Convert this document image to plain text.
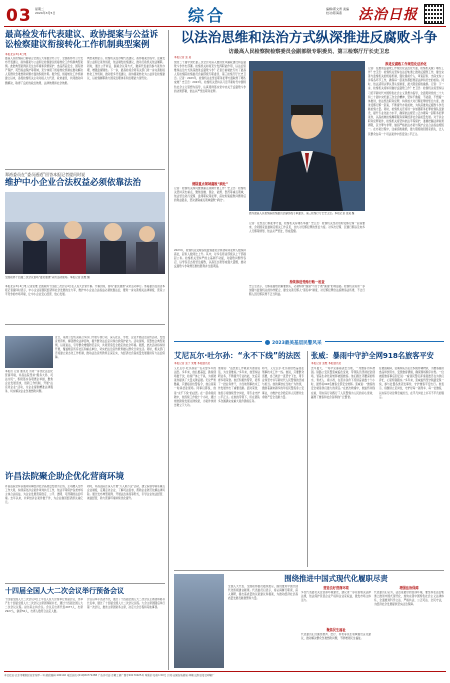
03 星期二
2024年3月5日	综合	编辑/郭文青 美编
校对/陈海燕	法治日报
最高检发布代表建议、政协提案与公益诉讼检察建议衔接转化工作机制典型案例
本报北京3月4日电
最高人民检察院日前联合全国人大常委会办公厅、全国政协办公厅发布代表建议、政协提案与公益诉讼检察建议衔接转化工作机制典型案例。此批典型案例涉及生态环境和资源保护、食品药品安全、国有财产保护、英烈权益保护等领域，充分体现了衔接转化机制在推动解决人民群众急难愁盼问题方面的积极作用。据介绍，衔接转化工作机制建立以来，各级检察机关主动对接人大代表、政协委员，共同推动问题解决，取得了良好的政治效果、法律效果和社会效果。
典型案例显示，检察机关在办理代表建议、政协提案过程中，注重发现公益诉讼案件线索，依法制发检察建议，推动行政机关依法履职。同时，通过公开听证、圆桌会议等方式，邀请代表委员参与案件办理，增强监督刚性。下一步，最高检将会同有关部门进一步完善衔接转化工作机制，推动更多代表建议、政协提案转化为公益诉讼检察建议，以检察履职助力国家治理体系和治理能力现代化。
郑裕委员在“委员通道”回答本报记者提问时说
维护中小企业合法权益必须依靠法治
全国政协十四届二次会议首场“委员通道”采访活动现场。本报记者 张维 摄
本报北京3月4日电 记者张维 全国政协十四届二次会议4日在人民大会堂开幕。开幕会前，首场“委员通道”采访活动举行。郑裕委员在回答本报记者提问时表示，中小企业是国民经济和社会发展的生力军，维护中小企业合法权益必须依靠法治，要进一步完善相关法律制度，营造公平竞争的市场环境，让中小企业安心经营、放心发展。
近日，某地公安机关联合多部门开展专项行动，深入社区、学校、企业开展法治宣传活动，发放宣传资料，解答群众法律咨询，提升群众法治意识和自我保护能力。活动现场，民警结合典型案例，以案说法，引导群众增强防范意识，共同营造安全稳定的社会环境。据悉，此次活动将持续开展，覆盖辖区所有社区和重点单位，切实把法治宣传教育融入群众日常生活。同时，相关部门还将建立常态化工作机制，推动法治宣传教育走深走实，为经济社会高质量发展提供有力法治保障。
本报讯 记者 通讯员 为进一步优化法治化营商环境，许昌法院坚持“服务大局、司法为民”，积极落实各项惠企举措，聚焦企业发展需求，创新工作机制，开展“法官进企业”活动，为企业提供精准法律服务，切实解决企业急难愁盼问题。
许昌法院聚企助企优化营商环境
许昌法院坚持以服务保障经济社会高质量发展为主线，主动融入全市工作大局，持续深化涉企案件审判执行工作，依法平等保护各类市场主体合法权益，为企业发展营造稳定、公平、透明、可预期的法治环境。去年以来，共审结涉企案件数千件，为企业挽回经济损失逾亿元。
同时，许昌法院还深入开展“万人助万企”活动，建立院领导联系重点企业制度，定期走访企业，了解司法需求，帮助企业防范化解法律风险。通过发布典型案例、开展法治讲座等形式，引导企业依法经营、诚信经营，助力营商环境持续优化提升。
十四届全国人大二次会议举行预备会议
十四届全国人大二次会议4日上午在人民大会堂举行预备会议，选举产生十四届全国人大二次会议主席团和秘书长，通过十四届全国人大二次会议议程。赵乐际主持会议。会议应出席代表2977人，出席2927人，缺席50人，出席人数符合法定人数。
会议以举手表决方式，通过了十四届全国人大二次会议主席团和秘书长名单，通过了十四届全国人大二次会议议程。大会主席团随后举行第一次会议，推选主席团常务主席，决定大会日程和其他事项。
以法治思维和法治方式纵深推进反腐败斗争
访最高人民检察院检察委员会副部级专职委员、第三检察厅厅长史卫忠
本报记者 张 昊
党的二十届中央纪委三次全会对深入推进党风廉政建设和反腐败斗争作出部署。检察机关如何充分发挥职能作用，以法治思维和法治方式纵深推进反腐败斗争？记者日前就此专访了最高人民检察院检察委员会副部级专职委员、第三检察厅厅长史卫忠。记者：2023年，检察机关在惩治职务犯罪方面取得了哪些成效？史卫忠：2023年，检察机关坚持以习近平新时代中国特色社会主义思想为指导，认真贯彻落实党中央关于反腐败斗争的决策部署，依法从严惩治职务犯罪。
清除重点领域腐败“病灶”
记者：检察机关如何聚焦重点领域开展工作？史卫忠：检察机关坚持突出重点，聚焦金融、国企、能源、医药等重点领域，依法惩治贪污受贿、滥用职权等犯罪，深挖彻查腐败问题背后的利益链条，坚决清除重点领域腐败“病灶”。
图为最高人民检察院检察委员会副部级专职委员、第三检察厅厅长史卫忠。本报记者 张昊 摄
推进反腐败工作规范化法治化
记者：在推进反腐败工作规范化法治化方面，检察机关做了哪些工作？史卫忠：检察机关坚持在法治轨道上推进反腐败工作，健全完善与监察机关的衔接机制，强化提前介入、审查起诉、出庭支持公诉等各环节工作，确保每一起案件都经得起法律和历史的检验。同时，依法适用认罪认罚从宽制度，最大限度追赃挽损。记者：下一步，检察机关将如何做好反腐败工作？史卫忠：检察机关将坚持以习近平新时代中国特色社会主义思想为指导，全面贯彻党的二十大和二十届中央纪委三次全会精神，坚持不敢腐、不能腐、不想腐一体推进，依法惩治职务犯罪，持续加大对行贿犯罪的惩治力度，推进受贿行贿一起查，不断提升办案质效，为纵深推进反腐败斗争贡献检察力量。同时，检察机关还将进一步加强职务犯罪检察队伍建设，提升专业化能力水平，确保依法规范公正办理每一起职务犯罪案件，以高质效检察履职服务保障经济社会高质量发展。对于涉企职务犯罪案件，检察机关将坚持依法平等保护，准确把握法律政策界限，区分罪与非罪，做到严格依法办案与保护企业合法权益相统一。在办案过程中，注重追赃挽损，最大限度挽回国家损失，让人民群众在每一个司法案件中感受到公平正义。
2023年，检察机关受理各级监察委员会移送职务犯罪人数保持高位，起诉人数同比上升。其中，对多名原省部级以上干部提起公诉。检察机关坚持严的主基调不动摇，对腐败问题零容忍，以零容忍态度惩治腐败，以高压态势形成强大震慑，推动反腐败斗争取得压倒性胜利并全面巩固。
记者：在惩治行贿犯罪方面，检察机关有哪些举措？史卫忠：检察机关坚决贯彻受贿行贿一起查要求，会同国家监委制定相关工作意见，加大对行贿犯罪的惩治力度。对多次行贿、巨额行贿以及向多人行贿等情形，依法从严惩处，形成震慑。
持续推进受贿行贿一起查
史卫忠表示，行贿是腐败的重要源头，必须斩断“围猎”与甘于被“围猎”的利益链。检察机关将进一步加强与监察机关的协作配合，健全完善行贿人“黑名单”制度，对行贿犯罪依法追缴违法所得，不让行贿人因行贿获得不正当利益。
2023最美基层民警风采
艾尼瓦尔·吐尔孙：“永不下线”的法医
本报记者 张子 朱雅 本报通讯员
艾尼瓦尔·吐尔孙是一名从警多年的法医。多年来，他扎根基层，勘验现场数千次，检验尸体上千具，为侦破案件提供了大量关键证据。无论严寒酷暑，只要接到出警指令，他总是第一时间赶赴现场。同事们都说，他是“永不下线”的法医。在一起命案侦破中，他连续工作数十个小时，通过细致勘验发现关键线索，为案件快速告破立下大功。
他常说：“法医的工作就是为逝者说话，为生者维权。”多年来，他坚持钻研业务，不断提升专业技能，先后获得多项荣誉。他还积极传帮带，培养了一批业务骨干，为当地刑事技术工作发展作出了重要贡献。面对荣誉，他表示将继续坚守岗位，用专业守护公平正义。在他的带领下，所在团队多次圆满完成重大案件勘验任务。
如今，艾尼瓦尔·吐尔孙依然奋战在刑事技术工作一线。他说，只要群众需要，自己就会一直坚守下去，用专业和坚守书写新时代人民警察的忠诚与担当。他的事迹在当地广为传颂，激励着越来越多的年轻民警投身公安事业，为维护社会稳定和人民群众生命财产安全贡献力量。
张威：暴雨中守护全网918名旅客平安
本报记者 张维 本报通讯员
去年夏天，一场罕见暴雨袭击当地，一列旅客列车被困。铁路公安民警张威临危受命，带领队员迅速赶赴现场，冒着生命危险转移被困旅客。他们蹚过齐腰深的积水，背老人、抱小孩，在恶劣条件下连续奋战数十个小时，最终将918名旅客全部安全转移。张威说：“旅客的安全就是我们最大的责任。”在此次救援中，他始终冲锋在前，用实际行动践行了人民警察为人民的初心使命，赢得了旅客和社会各界的广泛赞誉。
在被困期间，张威和队员们还积极协调物资，为旅客提供食品和饮用水，安抚旅客情绪，确保现场秩序井然。一位被困旅客事后回忆说：“看到民警们浑身湿透还在为我们奔忙，心里特别踏实。”多年来，张威始终坚守铁路安保一线，参与处置各类突发事件，守护旅客平安出行。他表示，将继续立足岗位，守护好每一趟列车、每一位旅客，以实际行动诠释忠诚担当，在平凡岗位上书写不平凡的篇章。
围绕推进中国式现代化履职尽责
全国人大代表、全国政协委员陆续抵京，围绕推进中国式现代化积极建言献策。代表委员们表示，将认真履行职责，深入调研，提出高质量的议案建议和提案，为推动经济社会高质量发展贡献智慧和力量。
营造良好营商环境
多位代表委员关注营商环境建设，建议进一步完善相关法律法规，依法保护民营企业产权和企业家权益，激发市场主体活力。
聚焦民生福祉
代表委员们还围绕教育、医疗、养老等民生领域提出意见建议，推动解决群众急难愁盼问题，不断增进民生福祉。
增强法治保障
代表委员们认为，法治是最好的营商环境，要坚持在法治轨道上推进中国式现代化，加快完善中国特色社会主义法律体系，全面推进科学立法、严格执法、公正司法、全民守法，为经济社会发展提供坚实法治保障。
本社社址:北京市朝阳区花家地甲一号 邮政编码:100102 电话总机:(010)84772288 广告许可证:京朝工商广登字20170025号 零售价:每份1.50元 订阅:全国各地邮局 印刷:法制日报社印刷厂
